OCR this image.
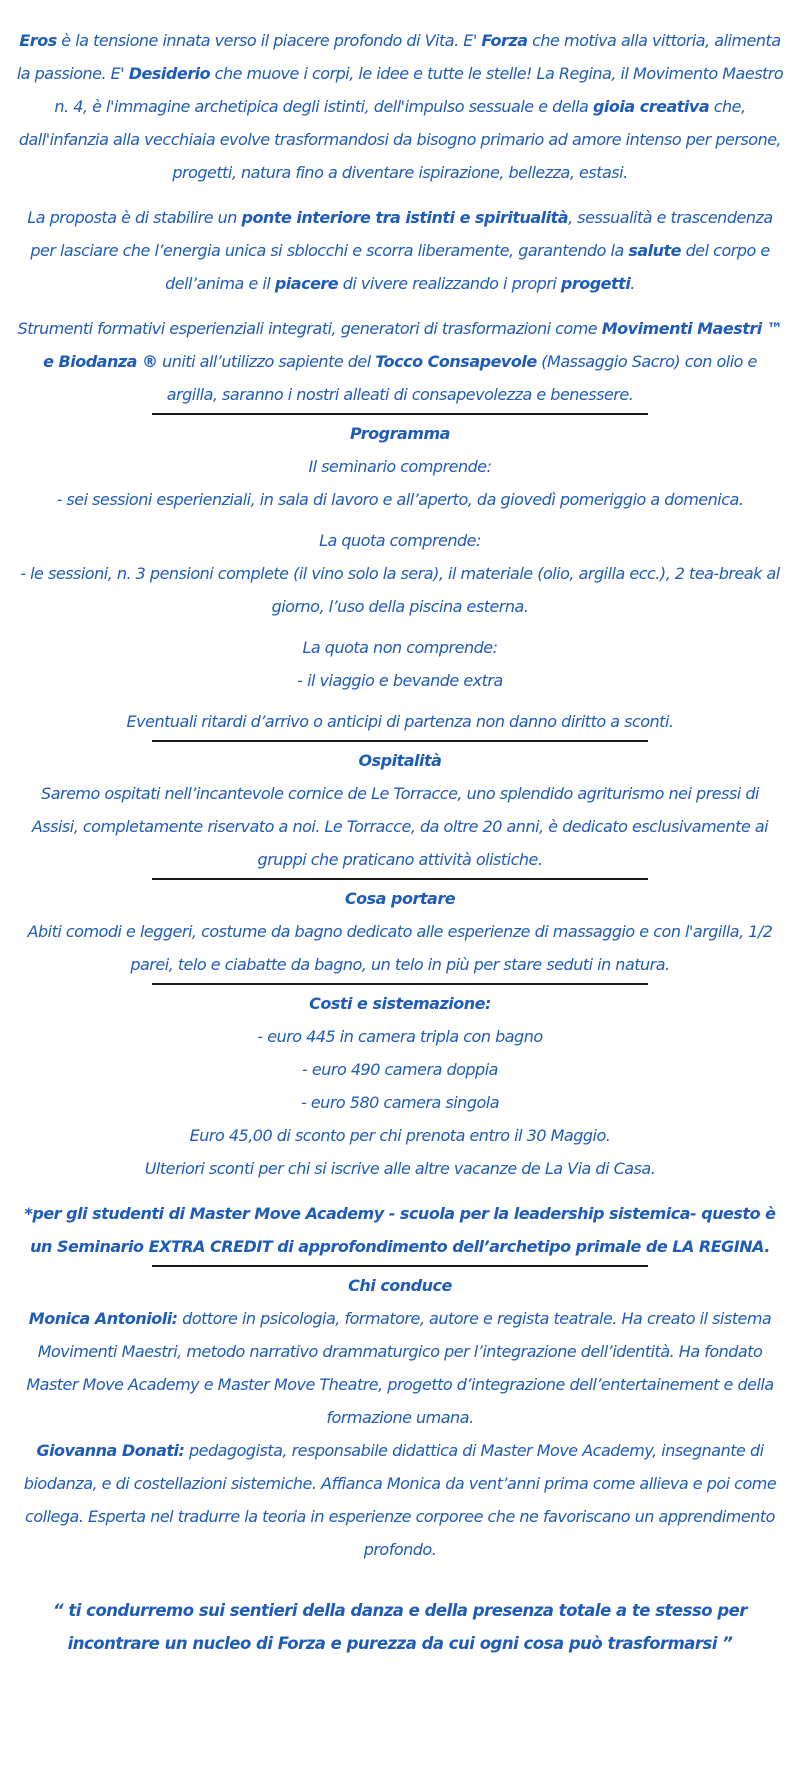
Eros è la tensione innata verso il piacere profondo di Vita. E' Forza che motiva alla vittoria, alimenta la passione. E' Desiderio che muove i corpi, le idee e tutte le stelle! La Regina, il Movimento Maestro n. 4, è l'immagine archetipica degli istinti, dell'impulso sessuale e della gioia creativa che, dall'infanzia alla vecchiaia evolve trasformandosi da bisogno primario ad amore intenso per persone, progetti, natura fino a diventare ispirazione, bellezza, estasi.

La proposta è di stabilire un ponte interiore tra istinti e spiritualità, sessualità e trascendenza per lasciare che l’energia unica si sblocchi e scorra liberamente, garantendo la salute del corpo e dell’anima e il piacere di vivere realizzando i propri progetti.

Strumenti formativi esperienziali integrati, generatori di trasformazioni come Movimenti Maestri ™ e Biodanza ® uniti all’utilizzo sapiente del Tocco Consapevole (Massaggio Sacro) con olio e argilla, saranno i nostri alleati di consapevolezza e benessere.

Programma

Il seminario comprende:

- sei sessioni esperienziali, in sala di lavoro e all’aperto, da giovedì pomeriggio a domenica.

La quota comprende:

- le sessioni, n. 3 pensioni complete (il vino solo la sera), il materiale (olio, argilla ecc.), 2 tea-break al giorno, l’uso della piscina esterna.

La quota non comprende:

- il viaggio e bevande extra

Eventuali ritardi d’arrivo o anticipi di partenza non danno diritto a sconti.

Ospitalità

Saremo ospitati nell’incantevole cornice de Le Torracce, uno splendido agriturismo nei pressi di Assisi, completamente riservato a noi. Le Torracce, da oltre 20 anni, è dedicato esclusivamente ai gruppi che praticano attività olistiche.

Cosa portare

Abiti comodi e leggeri, costume da bagno dedicato alle esperienze di massaggio e con l'argilla, 1/2 parei, telo e ciabatte da bagno, un telo in più per stare seduti in natura.

Costi e sistemazione:

- euro 445 in camera tripla con bagno

- euro 490 camera doppia

- euro 580 camera singola

Euro 45,00 di sconto per chi prenota entro il 30 Maggio.

Ulteriori sconti per chi si iscrive alle altre vacanze de La Via di Casa.

*per gli studenti di Master Move Academy - scuola per la leadership sistemica- questo è un Seminario EXTRA CREDIT di approfondimento dell’archetipo primale de LA REGINA.

Chi conduce

Monica Antonioli: dottore in psicologia, formatore, autore e regista teatrale. Ha creato il sistema Movimenti Maestri, metodo narrativo drammaturgico per l’integrazione dell’identità. Ha fondato Master Move Academy e Master Move Theatre, progetto d’integrazione dell’entertainement e della formazione umana.

Giovanna Donati: pedagogista, responsabile didattica di Master Move Academy, insegnante di biodanza, e di costellazioni sistemiche. Affianca Monica da vent’anni prima come allieva e poi come collega. Esperta nel tradurre la teoria in esperienze corporee che ne favoriscano un apprendimento profondo.

“ ti condurremo sui sentieri della danza e della presenza totale a te stesso per incontrare un nucleo di Forza e purezza da cui ogni cosa può trasformarsi ”
